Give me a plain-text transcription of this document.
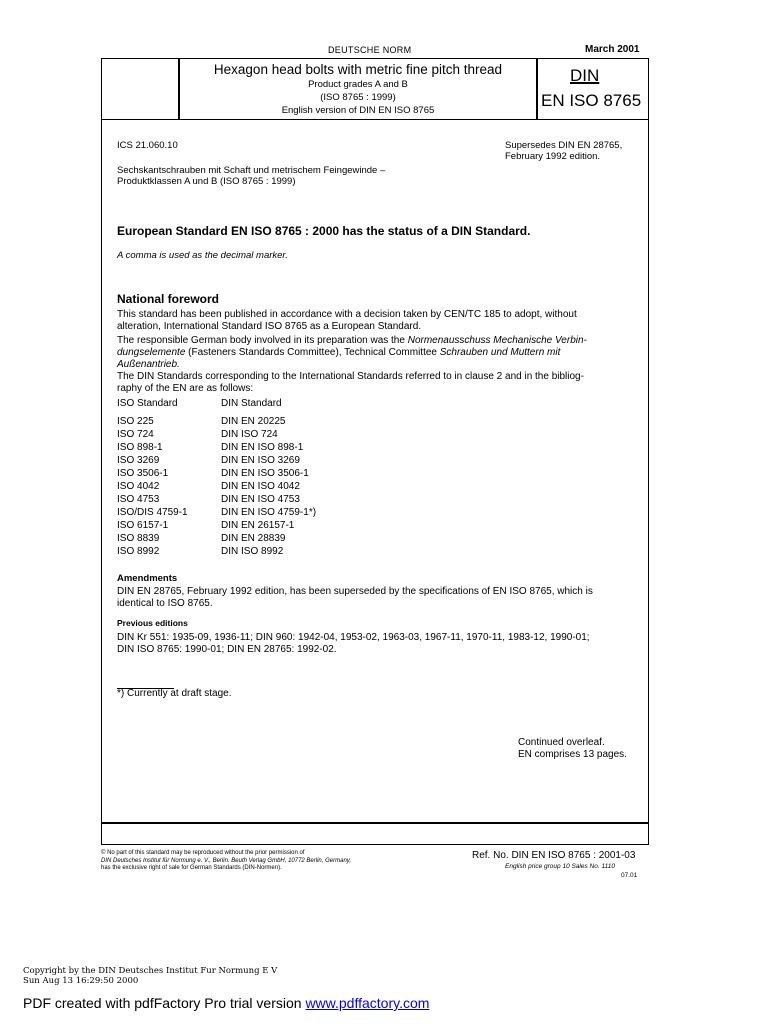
DEUTSCHE NORM	March 2001
Hexagon head bolts with metric fine pitch thread
Product grades A and B
(ISO 8765 : 1999)
English version of DIN EN ISO 8765
DIN
EN ISO 8765
ICS 21.060.10	Supersedes DIN EN 28765,
February 1992 edition.
Sechskantschrauben mit Schaft und metrischem Feingewinde –
Produktklassen A und B (ISO 8765 : 1999)
European Standard EN ISO 8765 : 2000 has the status of a DIN Standard.
A comma is used as the decimal marker.
National foreword
This standard has been published in accordance with a decision taken by CEN/TC 185 to adopt, without
alteration, International Standard ISO 8765 as a European Standard.
The responsible German body involved in its preparation was the Normenausschuss Mechanische Verbin-
dungselemente (Fasteners Standards Committee), Technical Committee Schrauben und Muttern mit
Außenantrieb.
The DIN Standards corresponding to the International Standards referred to in clause 2 and in the bibliog-
raphy of the EN are as follows:
ISO Standard	DIN Standard
ISO 225	DIN EN 20225
ISO 724	DIN ISO 724
ISO 898-1	DIN EN ISO 898-1
ISO 3269	DIN EN ISO 3269
ISO 3506-1	DIN EN ISO 3506-1
ISO 4042	DIN EN ISO 4042
ISO 4753	DIN EN ISO 4753
ISO/DIS 4759-1	DIN EN ISO 4759-1*)
ISO 6157-1	DIN EN 26157-1
ISO 8839	DIN EN 28839
ISO 8992	DIN ISO 8992
Amendments
DIN EN 28765, February 1992 edition, has been superseded by the specifications of EN ISO 8765, which is
identical to ISO 8765.
Previous editions
DIN Kr 551: 1935-09, 1936-11; DIN 960: 1942-04, 1953-02, 1963-03, 1967-11, 1970-11, 1983-12, 1990-01;
DIN ISO 8765: 1990-01; DIN EN 28765: 1992-02.
*) Currently at draft stage.
Continued overleaf.
EN comprises 13 pages.
© No part of this standard may be reproduced without the prior permission of
DIN Deutsches Institut für Normung e. V., Berlin. Beuth Verlag GmbH, 10772 Berlin, Germany,
has the exclusive right of sale for German Standards (DIN-Normen).
Ref. No. DIN EN ISO 8765 : 2001-03
English price group 10 Sales No. 1110
07.01
Copyright by the DIN Deutsches Institut Fur Normung E V
Sun Aug 13 16:29:50 2000
PDF created with pdfFactory Pro trial version www.pdffactory.com
